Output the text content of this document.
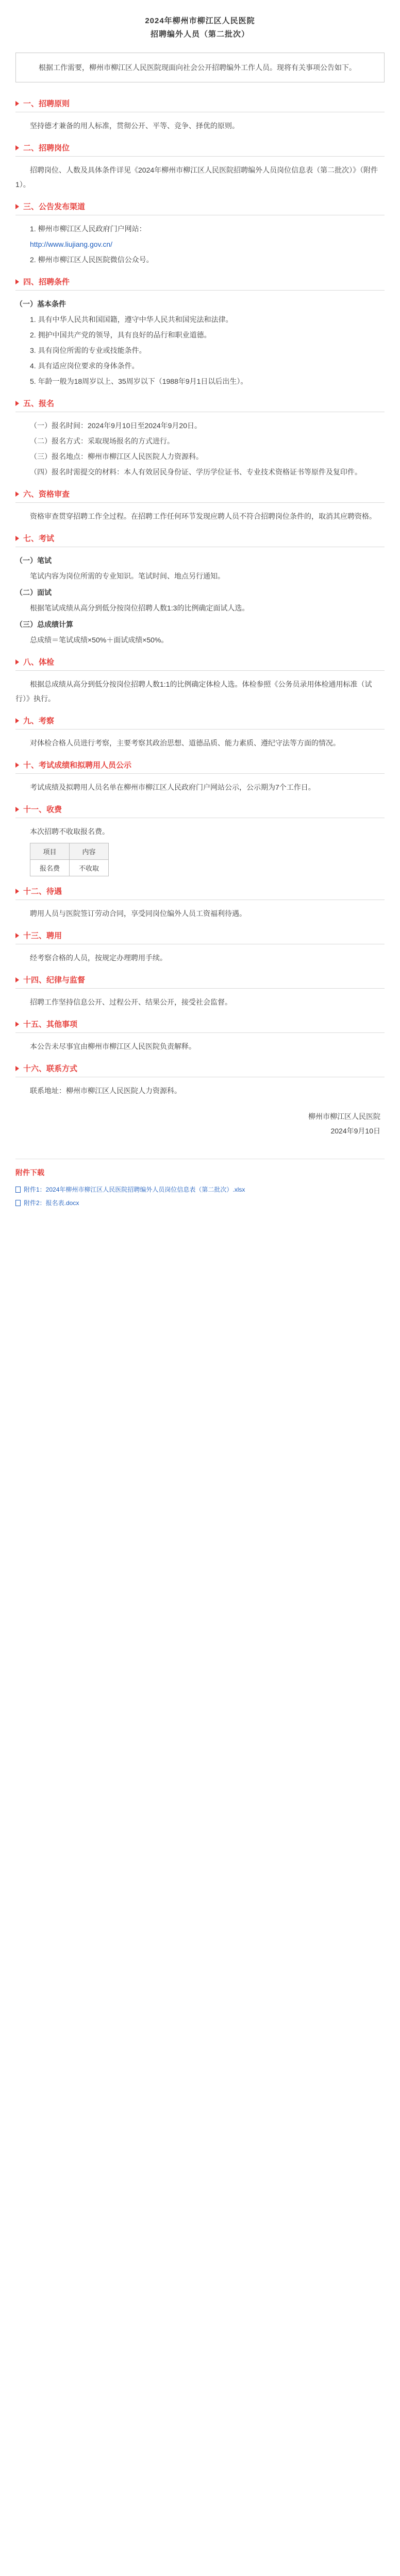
2024年柳州市柳江区人民医院
招聘编外人员（第二批次）
根据工作需要，柳州市柳江区人民医院现面向社会公开招聘编外工作人员。现将有关事项公告如下。
一、招聘原则

坚持德才兼备的用人标准，贯彻公开、平等、竞争、择优的原则。

二、招聘岗位

招聘岗位、人数及具体条件详见《2024年柳州市柳江区人民医院招聘编外人员岗位信息表（第二批次）》（附件1）。

三、公告发布渠道

1. 柳州市柳江区人民政府门户网站：

http://www.liujiang.gov.cn/

2. 柳州市柳江区人民医院微信公众号。

四、招聘条件

（一）基本条件

1. 具有中华人民共和国国籍，遵守中华人民共和国宪法和法律。

2. 拥护中国共产党的领导，具有良好的品行和职业道德。

3. 具有岗位所需的专业或技能条件。

4. 具有适应岗位要求的身体条件。

5. 年龄一般为18周岁以上、35周岁以下（1988年9月1日以后出生）。

五、报名

（一）报名时间：2024年9月10日至2024年9月20日。

（二）报名方式：采取现场报名的方式进行。

（三）报名地点：柳州市柳江区人民医院人力资源科。

（四）报名时需提交的材料：本人有效居民身份证、学历学位证书、专业技术资格证书等原件及复印件。

六、资格审查

资格审查贯穿招聘工作全过程。在招聘工作任何环节发现应聘人员不符合招聘岗位条件的，取消其应聘资格。

七、考试

（一）笔试

笔试内容为岗位所需的专业知识。笔试时间、地点另行通知。

（二）面试

根据笔试成绩从高分到低分按岗位招聘人数1:3的比例确定面试人选。

（三）总成绩计算

总成绩＝笔试成绩×50%＋面试成绩×50%。

八、体检

根据总成绩从高分到低分按岗位招聘人数1:1的比例确定体检人选。体检参照《公务员录用体检通用标准（试行）》执行。

九、考察

对体检合格人员进行考察，主要考察其政治思想、道德品质、能力素质、遵纪守法等方面的情况。

十、考试成绩和拟聘用人员公示

考试成绩及拟聘用人员名单在柳州市柳江区人民政府门户网站公示，公示期为7个工作日。

十一、收费

本次招聘不收取报名费。

项目	内容
报名费	不收取
十二、待遇

聘用人员与医院签订劳动合同，享受同岗位编外人员工资福利待遇。

十三、聘用

经考察合格的人员，按规定办理聘用手续。

十四、纪律与监督

招聘工作坚持信息公开、过程公开、结果公开，接受社会监督。

十五、其他事项

本公告未尽事宜由柳州市柳江区人民医院负责解释。

十六、联系方式

联系地址：柳州市柳江区人民医院人力资源科。

柳州市柳江区人民医院
2024年9月10日
附件下载
附件1：2024年柳州市柳江区人民医院招聘编外人员岗位信息表（第二批次）.xlsx
附件2：报名表.docx
